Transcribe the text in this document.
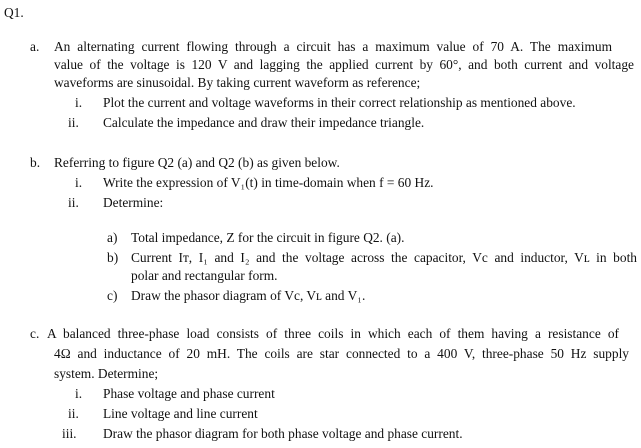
Q1.
a. An alternating current flowing through a circuit has a maximum value of 70 A. The maximum
value of the voltage is 120 V and lagging the applied current by 60°, and both current and voltage
waveforms are sinusoidal. By taking current waveform as reference;
i. Plot the current and voltage waveforms in their correct relationship as mentioned above.
ii. Calculate the impedance and draw their impedance triangle.
b. Referring to figure Q2 (a) and Q2 (b) as given below.
i. Write the expression of V₁(t) in time-domain when f = 60 Hz.
ii. Determine:
a) Total impedance, Z for the circuit in figure Q2. (a).
b) Current Iᴛ, I₁ and I₂ and the voltage across the capacitor, Vc and inductor, Vʟ in both
polar and rectangular form.
c) Draw the phasor diagram of Vc, Vʟ and V₁.
c. A balanced three-phase load consists of three coils in which each of them having a resistance of
4Ω and inductance of 20 mH. The coils are star connected to a 400 V, three-phase 50 Hz supply
system. Determine;
i. Phase voltage and phase current
ii. Line voltage and line current
iii. Draw the phasor diagram for both phase voltage and phase current.
